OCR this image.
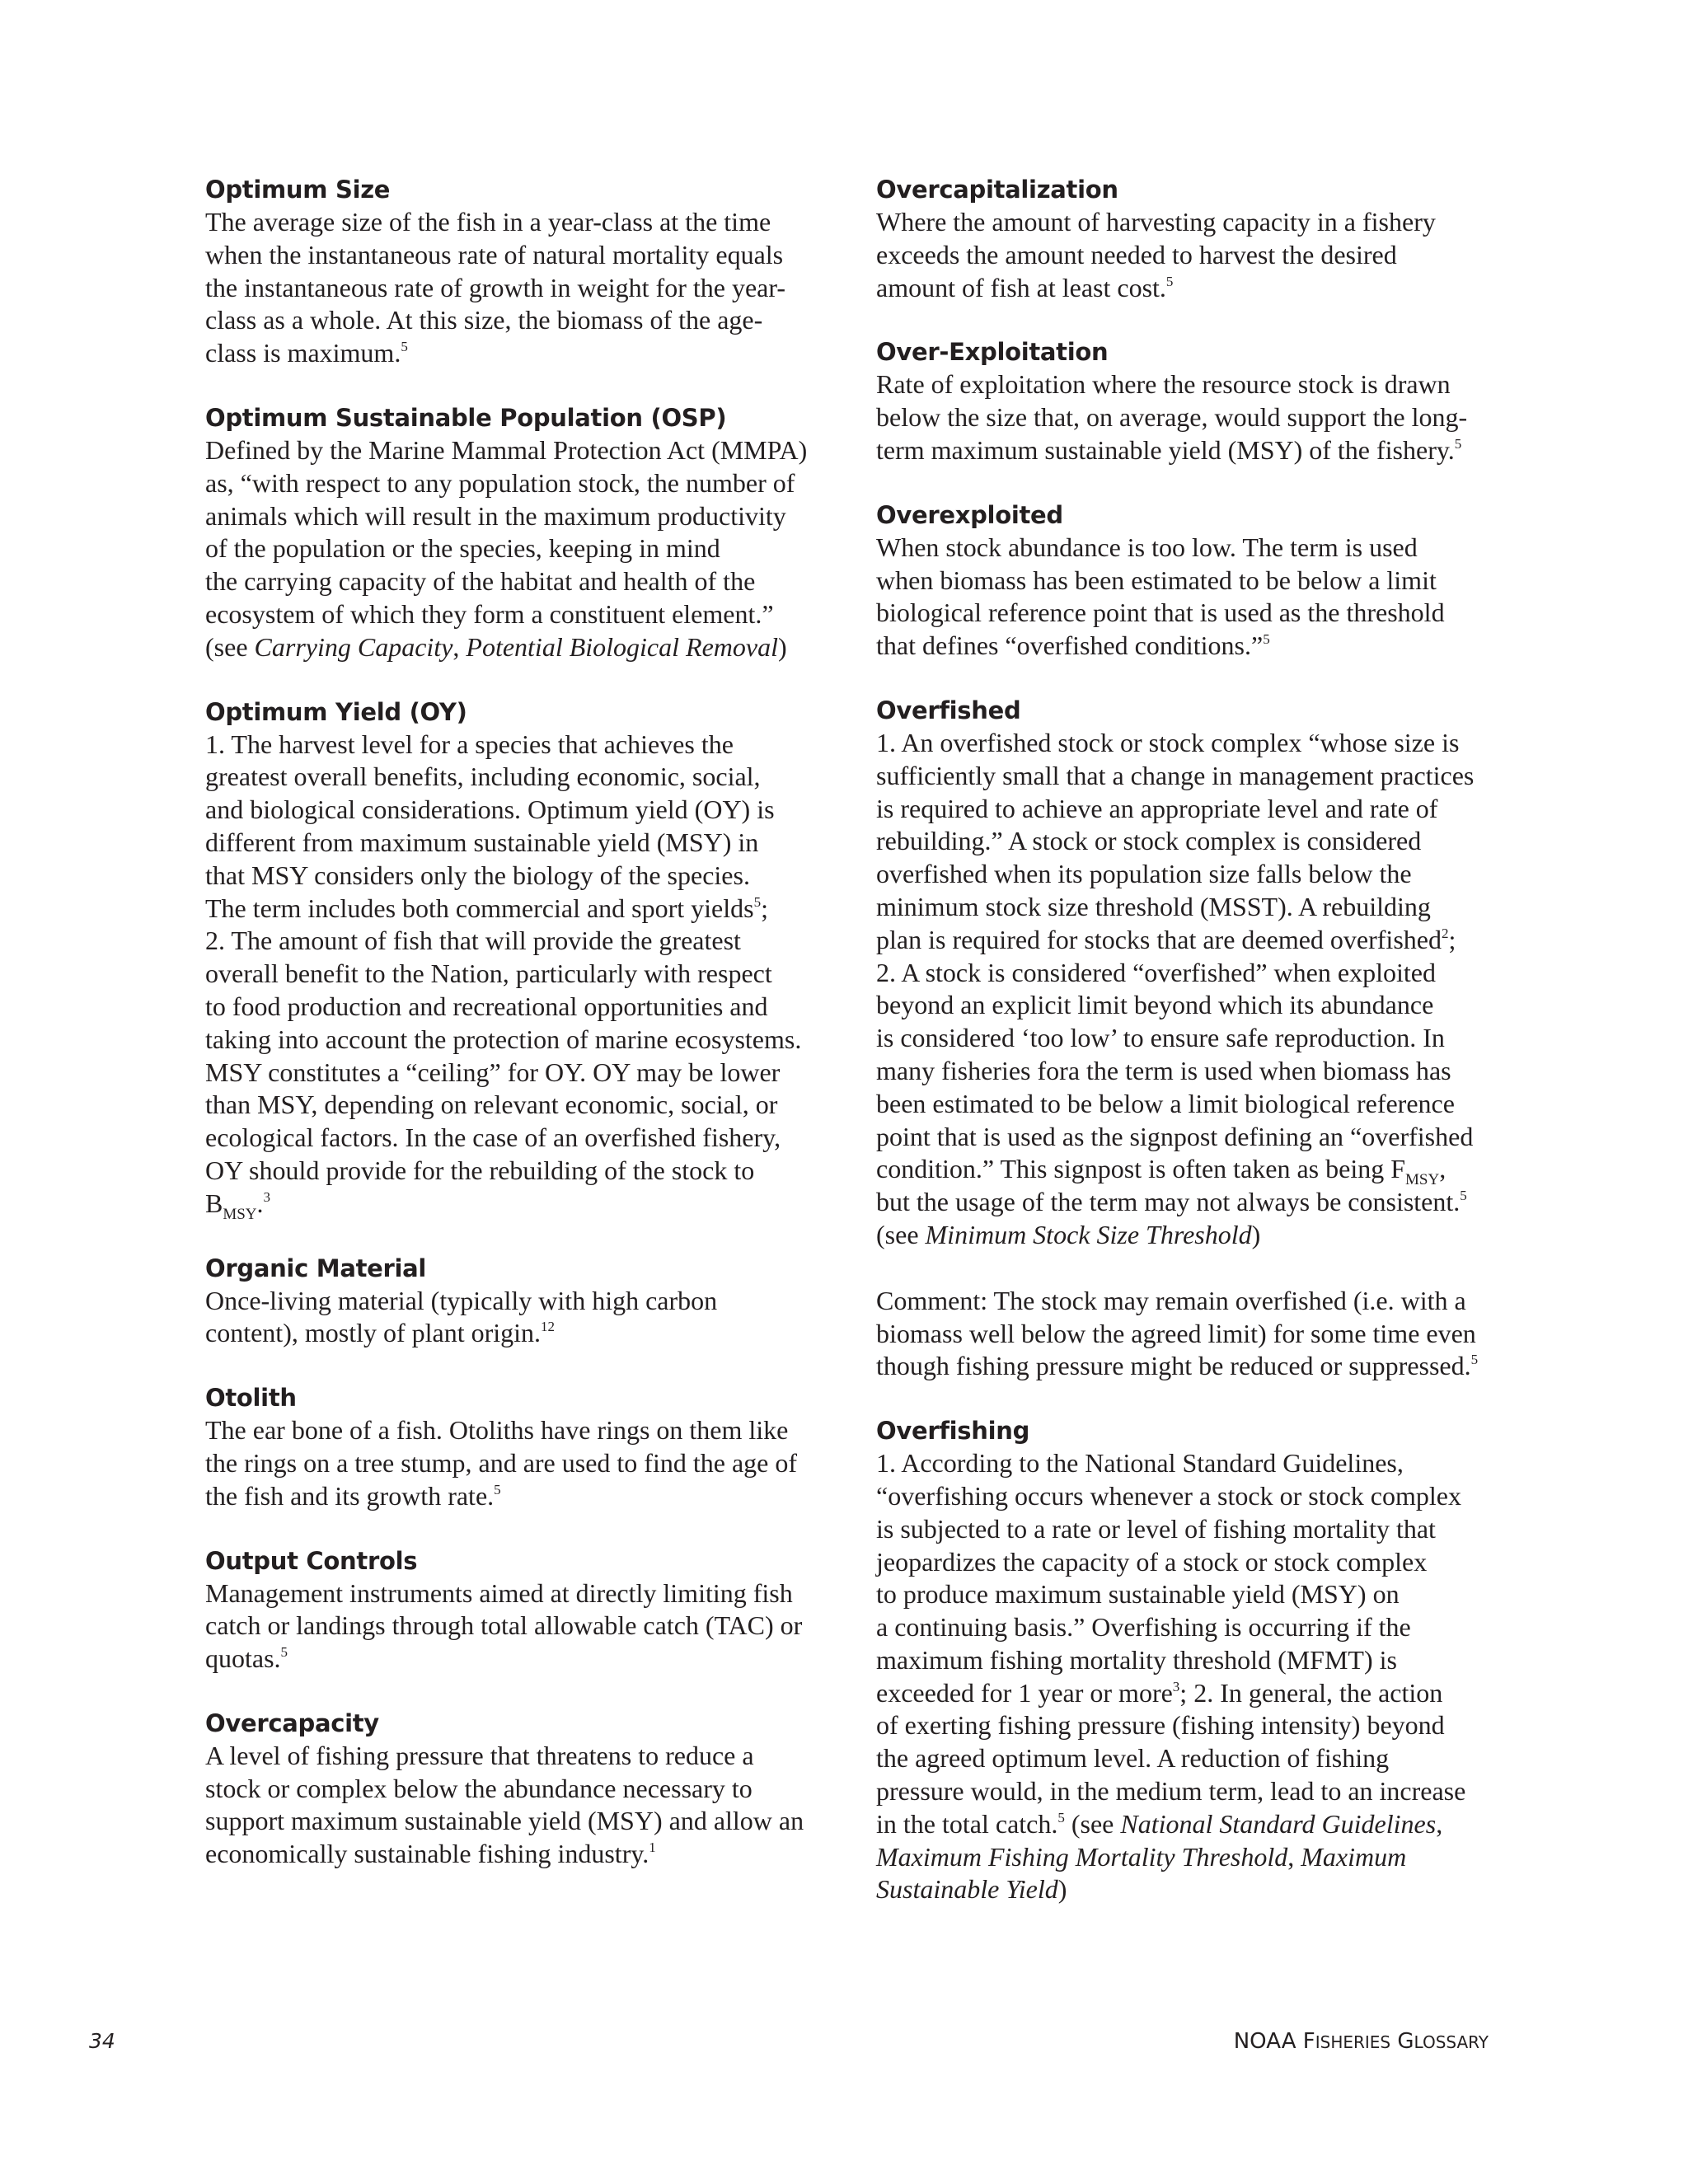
Optimum Size
The average size of the fish in a year-class at the time
when the instantaneous rate of natural mortality equals
the instantaneous rate of growth in weight for the year-
class as a whole. At this size, the biomass of the age-
class is maximum.$^5$
Optimum Sustainable Population (OSP)
Defined by the Marine Mammal Protection Act (MMPA)
as, “with respect to any population stock, the number of
animals which will result in the maximum productivity
of the population or the species, keeping in mind
the carrying capacity of the habitat and health of the
ecosystem of which they form a constituent element.”
(see Carrying Capacity, Potential Biological Removal)
Optimum Yield (OY)
1. The harvest level for a species that achieves the
greatest overall benefits, including economic, social,
and biological considerations. Optimum yield (OY) is
different from maximum sustainable yield (MSY) in
that MSY considers only the biology of the species.
The term includes both commercial and sport yields$^5$;
2. The amount of fish that will provide the greatest
overall benefit to the Nation, particularly with respect
to food production and recreational opportunities and
taking into account the protection of marine ecosystems.
MSY constitutes a “ceiling” for OY. OY may be lower
than MSY, depending on relevant economic, social, or
ecological factors. In the case of an overfished fishery,
OY should provide for the rebuilding of the stock to
$B_{MSY}.^3$
Organic Material
Once-living material (typically with high carbon
content), mostly of plant origin.$^{12}$
Otolith
The ear bone of a fish. Otoliths have rings on them like
the rings on a tree stump, and are used to find the age of
the fish and its growth rate.$^5$
Output Controls
Management instruments aimed at directly limiting fish
catch or landings through total allowable catch (TAC) or
quotas.$^5$
Overcapacity
A level of fishing pressure that threatens to reduce a
stock or complex below the abundance necessary to
support maximum sustainable yield (MSY) and allow an
economically sustainable fishing industry.$^1$
Overcapitalization
Where the amount of harvesting capacity in a fishery
exceeds the amount needed to harvest the desired
amount of fish at least cost.$^5$
Over-Exploitation
Rate of exploitation where the resource stock is drawn
below the size that, on average, would support the long-
term maximum sustainable yield (MSY) of the fishery.$^5$
Overexploited
When stock abundance is too low. The term is used
when biomass has been estimated to be below a limit
biological reference point that is used as the threshold
that defines “overfished conditions.”$^5$
Overfished
1. An overfished stock or stock complex “whose size is
sufficiently small that a change in management practices
is required to achieve an appropriate level and rate of
rebuilding.” A stock or stock complex is considered
overfished when its population size falls below the
minimum stock size threshold (MSST). A rebuilding
plan is required for stocks that are deemed overfished$^2$;
2. A stock is considered “overfished” when exploited
beyond an explicit limit beyond which its abundance
is considered ‘too low’ to ensure safe reproduction. In
many fisheries fora the term is used when biomass has
been estimated to be below a limit biological reference
point that is used as the signpost defining an “overfished
condition.” This signpost is often taken as being $F_{MSY}$,
but the usage of the term may not always be consistent.$^5$
(see Minimum Stock Size Threshold)
Comment: The stock may remain overfished (i.e. with a
biomass well below the agreed limit) for some time even
though fishing pressure might be reduced or suppressed.$^5$
Overfishing
1. According to the National Standard Guidelines,
“overfishing occurs whenever a stock or stock complex
is subjected to a rate or level of fishing mortality that
jeopardizes the capacity of a stock or stock complex
to produce maximum sustainable yield (MSY) on
a continuing basis.” Overfishing is occurring if the
maximum fishing mortality threshold (MFMT) is
exceeded for 1 year or more$^3$; 2. In general, the action
of exerting fishing pressure (fishing intensity) beyond
the agreed optimum level. A reduction of fishing
pressure would, in the medium term, lead to an increase
in the total catch.$^5$ (see National Standard Guidelines,
Maximum Fishing Mortality Threshold, Maximum
Sustainable Yield)
34	NOAA FISHERIES GLOSSARY
